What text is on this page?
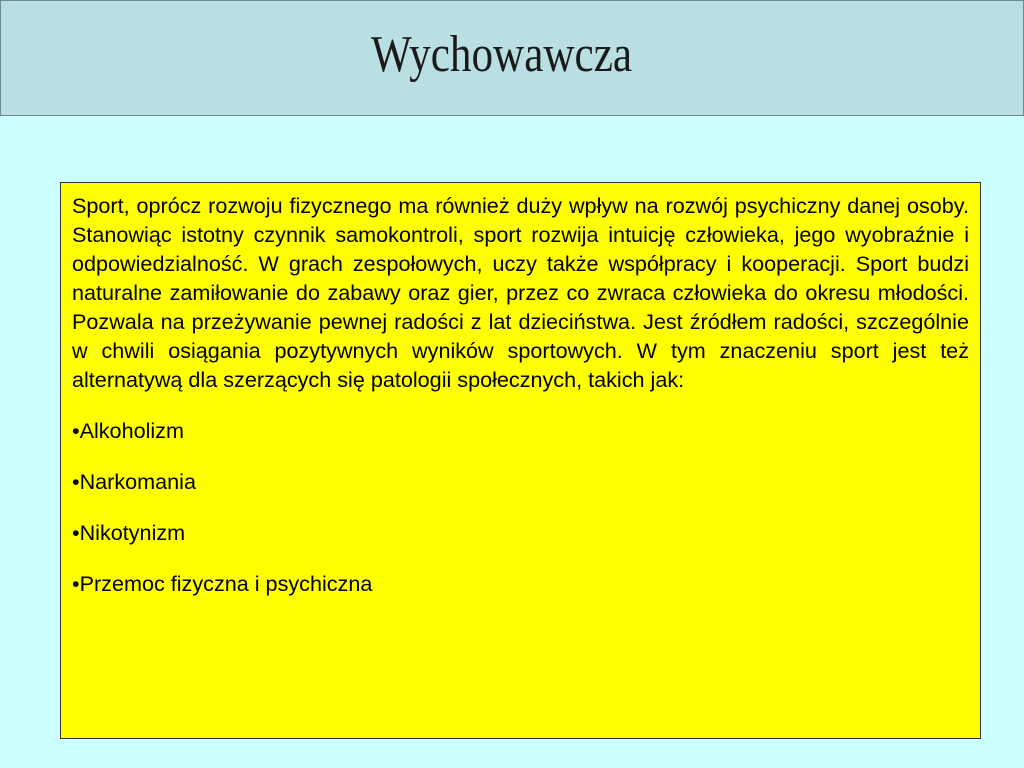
Wychowawcza

Sport, oprócz rozwoju fizycznego ma również duży wpływ na rozwój psychiczny danej osoby. Stanowiąc istotny czynnik samokontroli, sport rozwija intuicję człowieka, jego wyobraźnie i odpowiedzialność. W grach zespołowych, uczy także współpracy i kooperacji. Sport budzi naturalne zamiłowanie do zabawy oraz gier, przez co zwraca człowieka do okresu młodości. Pozwala na przeżywanie pewnej radości z lat dzieciństwa. Jest źródłem radości, szczególnie w chwili osiągania pozytywnych wyników sportowych. W tym znaczeniu sport jest też alternatywą dla szerzących się patologii społecznych, takich jak:

•Alkoholizm
•Narkomania
•Nikotynizm
•Przemoc fizyczna i psychiczna
